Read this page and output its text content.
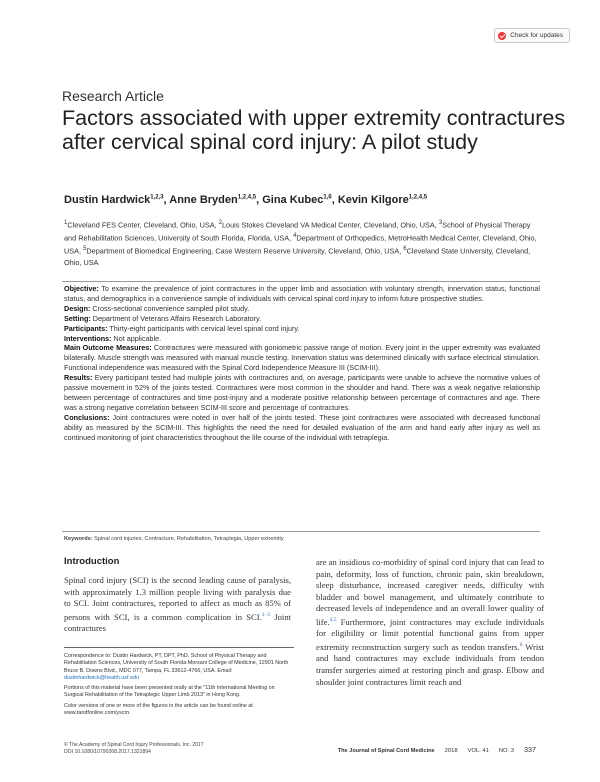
Check for updates
Research Article
Factors associated with upper extremity contractures after cervical spinal cord injury: A pilot study
Dustin Hardwick$^{1,2,3}$, Anne Bryden$^{1,2,4,5}$, Gina Kubec$^{1,6}$, Kevin Kilgore$^{1,2,4,5}$
$^1$Cleveland FES Center, Cleveland, Ohio, USA, $^2$Louis Stokes Cleveland VA Medical Center, Cleveland, Ohio, USA, $^3$School of Physical Therapy and Rehabilitation Sciences, University of South Florida, Florida, USA, $^4$Department of Orthopedics, MetroHealth Medical Center, Cleveland, Ohio, USA, $^5$Department of Biomedical Engineering, Case Western Reserve University, Cleveland, Ohio, USA, $^6$Cleveland State University, Cleveland, Ohio, USA

Objective: To examine the prevalence of joint contractures in the upper limb and association with voluntary strength, innervation status, functional status, and demographics in a convenience sample of individuals with cervical spinal cord injury to inform future prospective studies.

Design: Cross-sectional convenience sampled pilot study.

Setting: Department of Veterans Affairs Research Laboratory.

Participants: Thirty-eight participants with cervical level spinal cord injury.

Interventions: Not applicable.

Main Outcome Measures: Contractures were measured with goniometric passive range of motion. Every joint in the upper extremity was evaluated bilaterally. Muscle strength was measured with manual muscle testing. Innervation status was determined clinically with surface electrical stimulation. Functional independence was measured with the Spinal Cord Independence Measure III (SCIM-III).

Results: Every participant tested had multiple joints with contractures and, on average, participants were unable to achieve the normative values of passive movement in 52% of the joints tested. Contractures were most common in the shoulder and hand. There was a weak negative relationship between percentage of contractures and time post-injury and a moderate positive relationship between percentage of contractures and age. There was a strong negative correlation between SCIM-III score and percentage of contractures.

Conclusions: Joint contractures were noted in over half of the joints tested. These joint contractures were associated with decreased functional ability as measured by the SCIM-III. This highlights the need the need for detailed evaluation of the arm and hand early after injury as well as continued monitoring of joint characteristics throughout the life course of the individual with tetraplegia.

Keywords: Spinal cord injuries, Contracture, Rehabilitation, Tetraplegia, Upper extremity
Introduction
Spinal cord injury (SCI) is the second leading cause of paralysis, with approximately 1.3 million people living with paralysis due to SCI. Joint contractures, reported to affect as much as 85% of persons with SCI, is a common complication in SCI.$^{1-3}$ Joint contractures

Correspondence to: Dustin Hardwick, PT, DPT, PhD, School of Physical Therapy and Rehabilitation Sciences, University of South Florida Morsani College of Medicine, 12901 North Bruce B. Downs Blvd., MDC 077, Tampa, FL 33612-4766, USA. Email: dustinhardwick@health.usf.edu

Portions of this material have been presented orally at the "11th International Meeting on Surgical Rehabilitation of the Tetraplegic Upper Limb 2013" in Hong Kong.

Color versions of one or more of the figures in the article can be found online at www.tandfonline.com/yscm.

are an insidious co-morbidity of spinal cord injury that can lead to pain, deformity, loss of function, chronic pain, skin breakdown, sleep disturbance, increased caregiver needs, difficulty with bladder and bowel management, and ultimately contribute to decreased levels of independence and an overall lower quality of life.$^{4,5}$ Furthermore, joint contractures may exclude individuals for eligibility or limit potential functional gains from upper extremity reconstruction surgery such as tendon transfers.$^6$ Wrist and hand contractures may exclude individuals from tendon transfer surgeries aimed at restoring pinch and grasp. Elbow and shoulder joint contractures limit reach and
© The Academy of Spinal Cord Injury Professionals, Inc. 2017
DOI 10.1080/10790268.2017.1321894	The Journal of Spinal Cord Medicine 2018 VOL. 41 NO. 3 337
